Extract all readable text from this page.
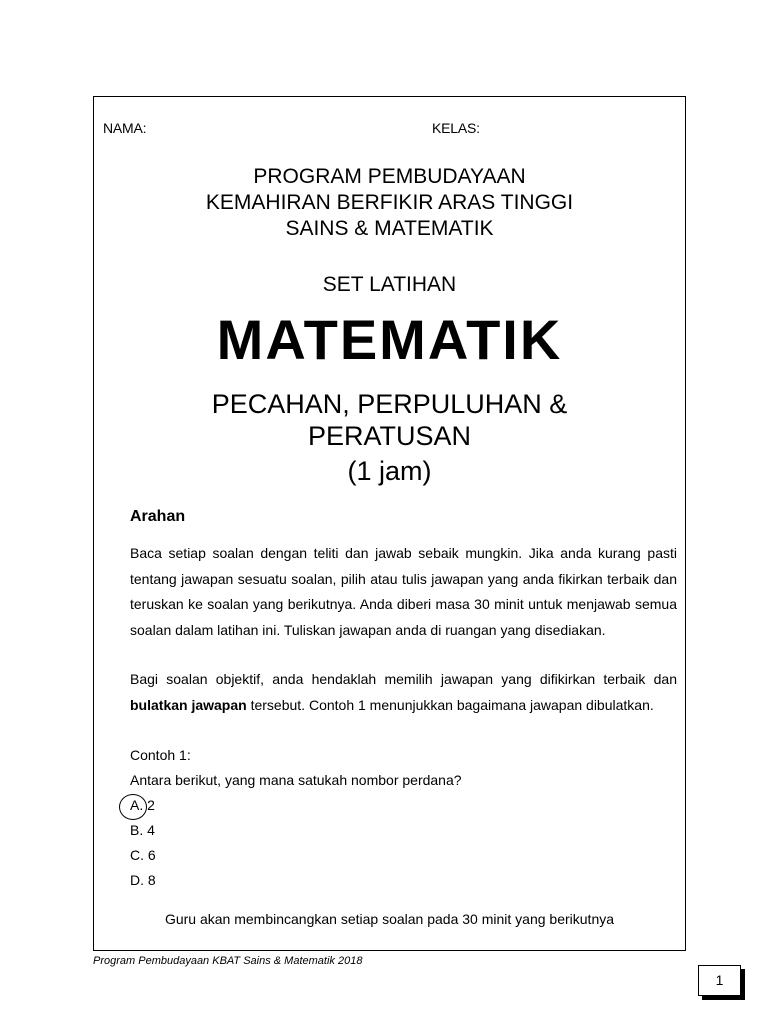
NAMA:	KELAS:
PROGRAM PEMBUDAYAAN
KEMAHIRAN BERFIKIR ARAS TINGGI
SAINS & MATEMATIK
SET LATIHAN
MATEMATIK
PECAHAN, PERPULUHAN &
PERATUSAN
(1 jam)
Arahan
Baca setiap soalan dengan teliti dan jawab sebaik mungkin. Jika anda kurang pasti tentang jawapan sesuatu soalan, pilih atau tulis jawapan yang anda fikirkan terbaik dan teruskan ke soalan yang berikutnya. Anda diberi masa 30 minit untuk menjawab semua soalan dalam latihan ini. Tuliskan jawapan anda di ruangan yang disediakan.
Bagi soalan objektif, anda hendaklah memilih jawapan yang difikirkan terbaik dan bulatkan jawapan tersebut. Contoh 1 menunjukkan bagaimana jawapan dibulatkan.
Contoh 1:
Antara berikut, yang mana satukah nombor perdana?
A. 2
B. 4
C. 6
D. 8
Guru akan membincangkan setiap soalan pada 30 minit yang berikutnya
Program Pembudayaan KBAT Sains & Matematik 2018
1
